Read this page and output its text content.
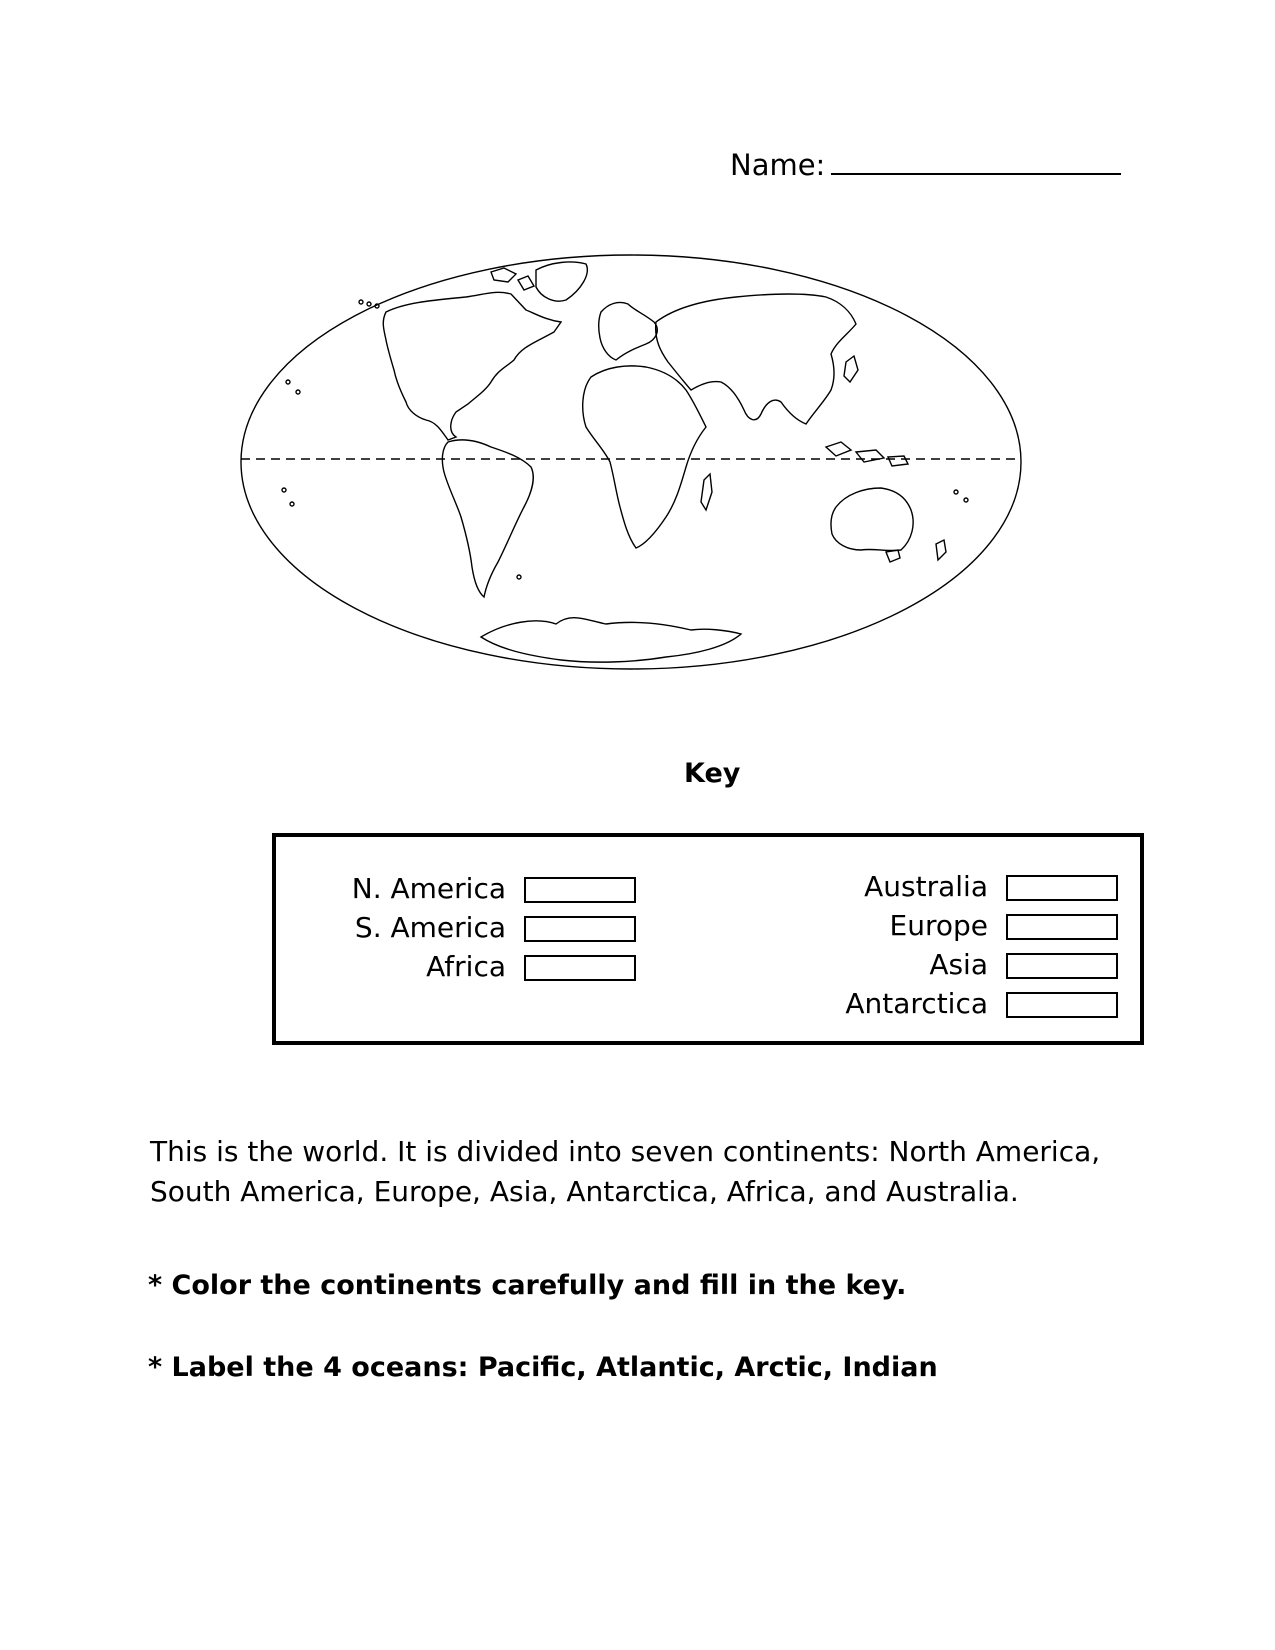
Name:
Key
N. America
S. America
Africa
Australia
Europe
Asia
Antarctica
This is the world. It is divided into seven continents: North America, South America, Europe, Asia, Antarctica, Africa, and Australia.
* Color the continents carefully and fill in the key.
* Label the 4 oceans: Pacific, Atlantic, Arctic, Indian
